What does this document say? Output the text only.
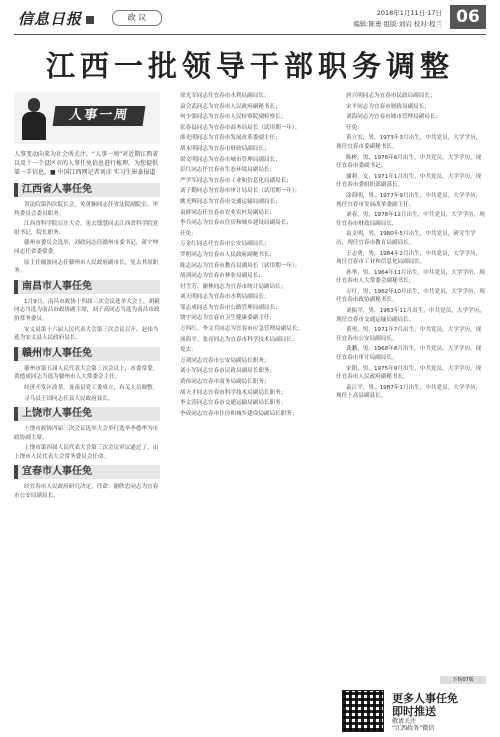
信息日报	政 议	2018年1月11日·17日
编辑:陈勇 组版:刘岩 校对:程兰 06
江西一批领导干部职务调整
人事一周
人事变动向来为社会所关注。“人事一周”对近期江西省以及十一个设区市的人事任免信息进行梳理，为您提供第一手信息，■ 中国江西网记者刘彦 实习生崔豪报道
江西省人事任免
省法院第四次院长会，免黄娴同志任省法院副院长、审判委员会委员职务。
江西省科学院召开大会，免去钱慧同志江西省科学院党组书记、院长职务。
赣州市委员会选举，刘政同志任赣州市委书记，蒋宇坤同志任省委常委。
原主任谢波同志任赣州市人民政府副市长，免去其原职务。
南昌市人事任免
1月9日，南昌市政协十四届三次会议选举大会上，胡毅同志当选为南昌市政协副主席，刘子高同志当选为南昌市政协常务委员。
安义县第十六届人民代表大会第三次会议召开，赵伟当选为安义县人民政府县长。
赣州市人事任免
赣州市第五届人民代表大会第三次会议上，市委常委，黄德成同志当选为赣州市人大常委会主任。
经济开发区改革，龙南县党工委成立，有关人员调整。
寻乌县王国同志任县人民政府县长。
上饶市人事任免
上饶市政协四届三次会议选举大会举行选举李德华为市政协副主席。
上饶市第四届人民代表大会第三次会议审议通过了，由上饶市人民代表大会常务委员会任命。
宜春市人事任免
经宜春市人民政府研究决定，任命：谢欣忠同志为宜春市公安局副局长。
徐光军同志任宜春市水利局副局长；
袁会武同志为宜春市人民政府副秘书长；
何少强同志为宜春市人民检察院副检察长；
张春县同志为宜春市商务局局长（试用期一年）；
熊光明同志为宜春市发展改革委副主任；
胡永明同志为宜春市财政局副局长；
梁文明同志为宜春市城市管理局副局长；
彭红同志任宜春市生态环境局副局长；
严学军同志为宜春市工业和信息化局副局长；
刘子勤同志为宜春市审计局局长（试用期一年）；
姚光辉同志为宜春市交通运输局副局长；
袁群同志任宜春市农业农村局副局长；
李兵同志为宜春市住房和城乡建设局副局长；
任免：
万金红同志任宜春市公安局副局长；
罗明同志为宜春市人民政府副秘书长；
陈志同志为宜春市教育局副局长（试用期一年）；
胡剑同志为宜春市林业局副局长；
付雪芳、谢林同志为宜春市统计局副局长；
刘天明同志为宜春市水利局副局长；
邹志成同志为宜春市公路管理局副局长；
饶宇同志为宜春市卫生健康委副主任；
万四红、李文兵同志为宜春市应急管理局副局长；
汤海平、张亮同志为宜春市科学技术局副局长；
免去：
万剑同志宜春市公安局副局长职务；
刘小军同志宜春市民政局副局长职务；
黄伟同志宜春市商务局副局长职务；
胡天才同志宜春市科学技术局副局长职务；
李文涛同志宜春市交通运输局副局长职务；
李成同志宜春市住房和城乡建设局副局长职务；
唐兴明同志为宜春市民政局副局长；
宋平同志为宜春市财政局副局长；
刘海同志为宜春市城市管理局副局长；
任免：
黄立宏，男，1973年3月出生，中共党员，大学学历，现任宜春市委副秘书长。
陈彬，男，1976年6月出生，中共党员，大学学历，现任宜春市委副书记。
谢莉，女，1971年1月出生，中共党员，大学学历，现任宜春市委组织部副部长。
涂海明，男，1977年9月出生，中共党员，大学学历，现任宜春市发展改革委副主任。
刘春，男，1978年12月出生，中共党员，大学学历，现任宜春市财政局副局长。
袁文明，男，1980年5月出生，中共党员，研究生学历，现任宜春市教育局副局长。
王志勇，男，1984年2月出生，中共党员，大学学历，现任宜春市工业和信息化局副局长。
孙华，男，1964年11月出生，中共党员，大学学历，现任宜春市人大常委会副秘书长。
万红，男，1962年10月出生，中共党员，大学学历，现任宜春市政协副秘书长。
刘振平，男，1963年11月出生，中共党员，大学学历，现任宜春市交通运输局副局长。
黄勇，男，1971年7月出生，中共党员，大学学历，现任宜春市公安局副局长。
龚鹏，男，1968年8月出生，中共党员，大学学历，现任宜春市审计局副局长。
宋阳，男，1975年9月出生，中共党员，大学学历，现任宜春市人民政府副秘书长。
袁江平，男，1987年1月出生，中共党员，大学学历，现任上高县副县长。
下转07版
更多人事任免
即时推送
敬请关注
“江西政务”微信
